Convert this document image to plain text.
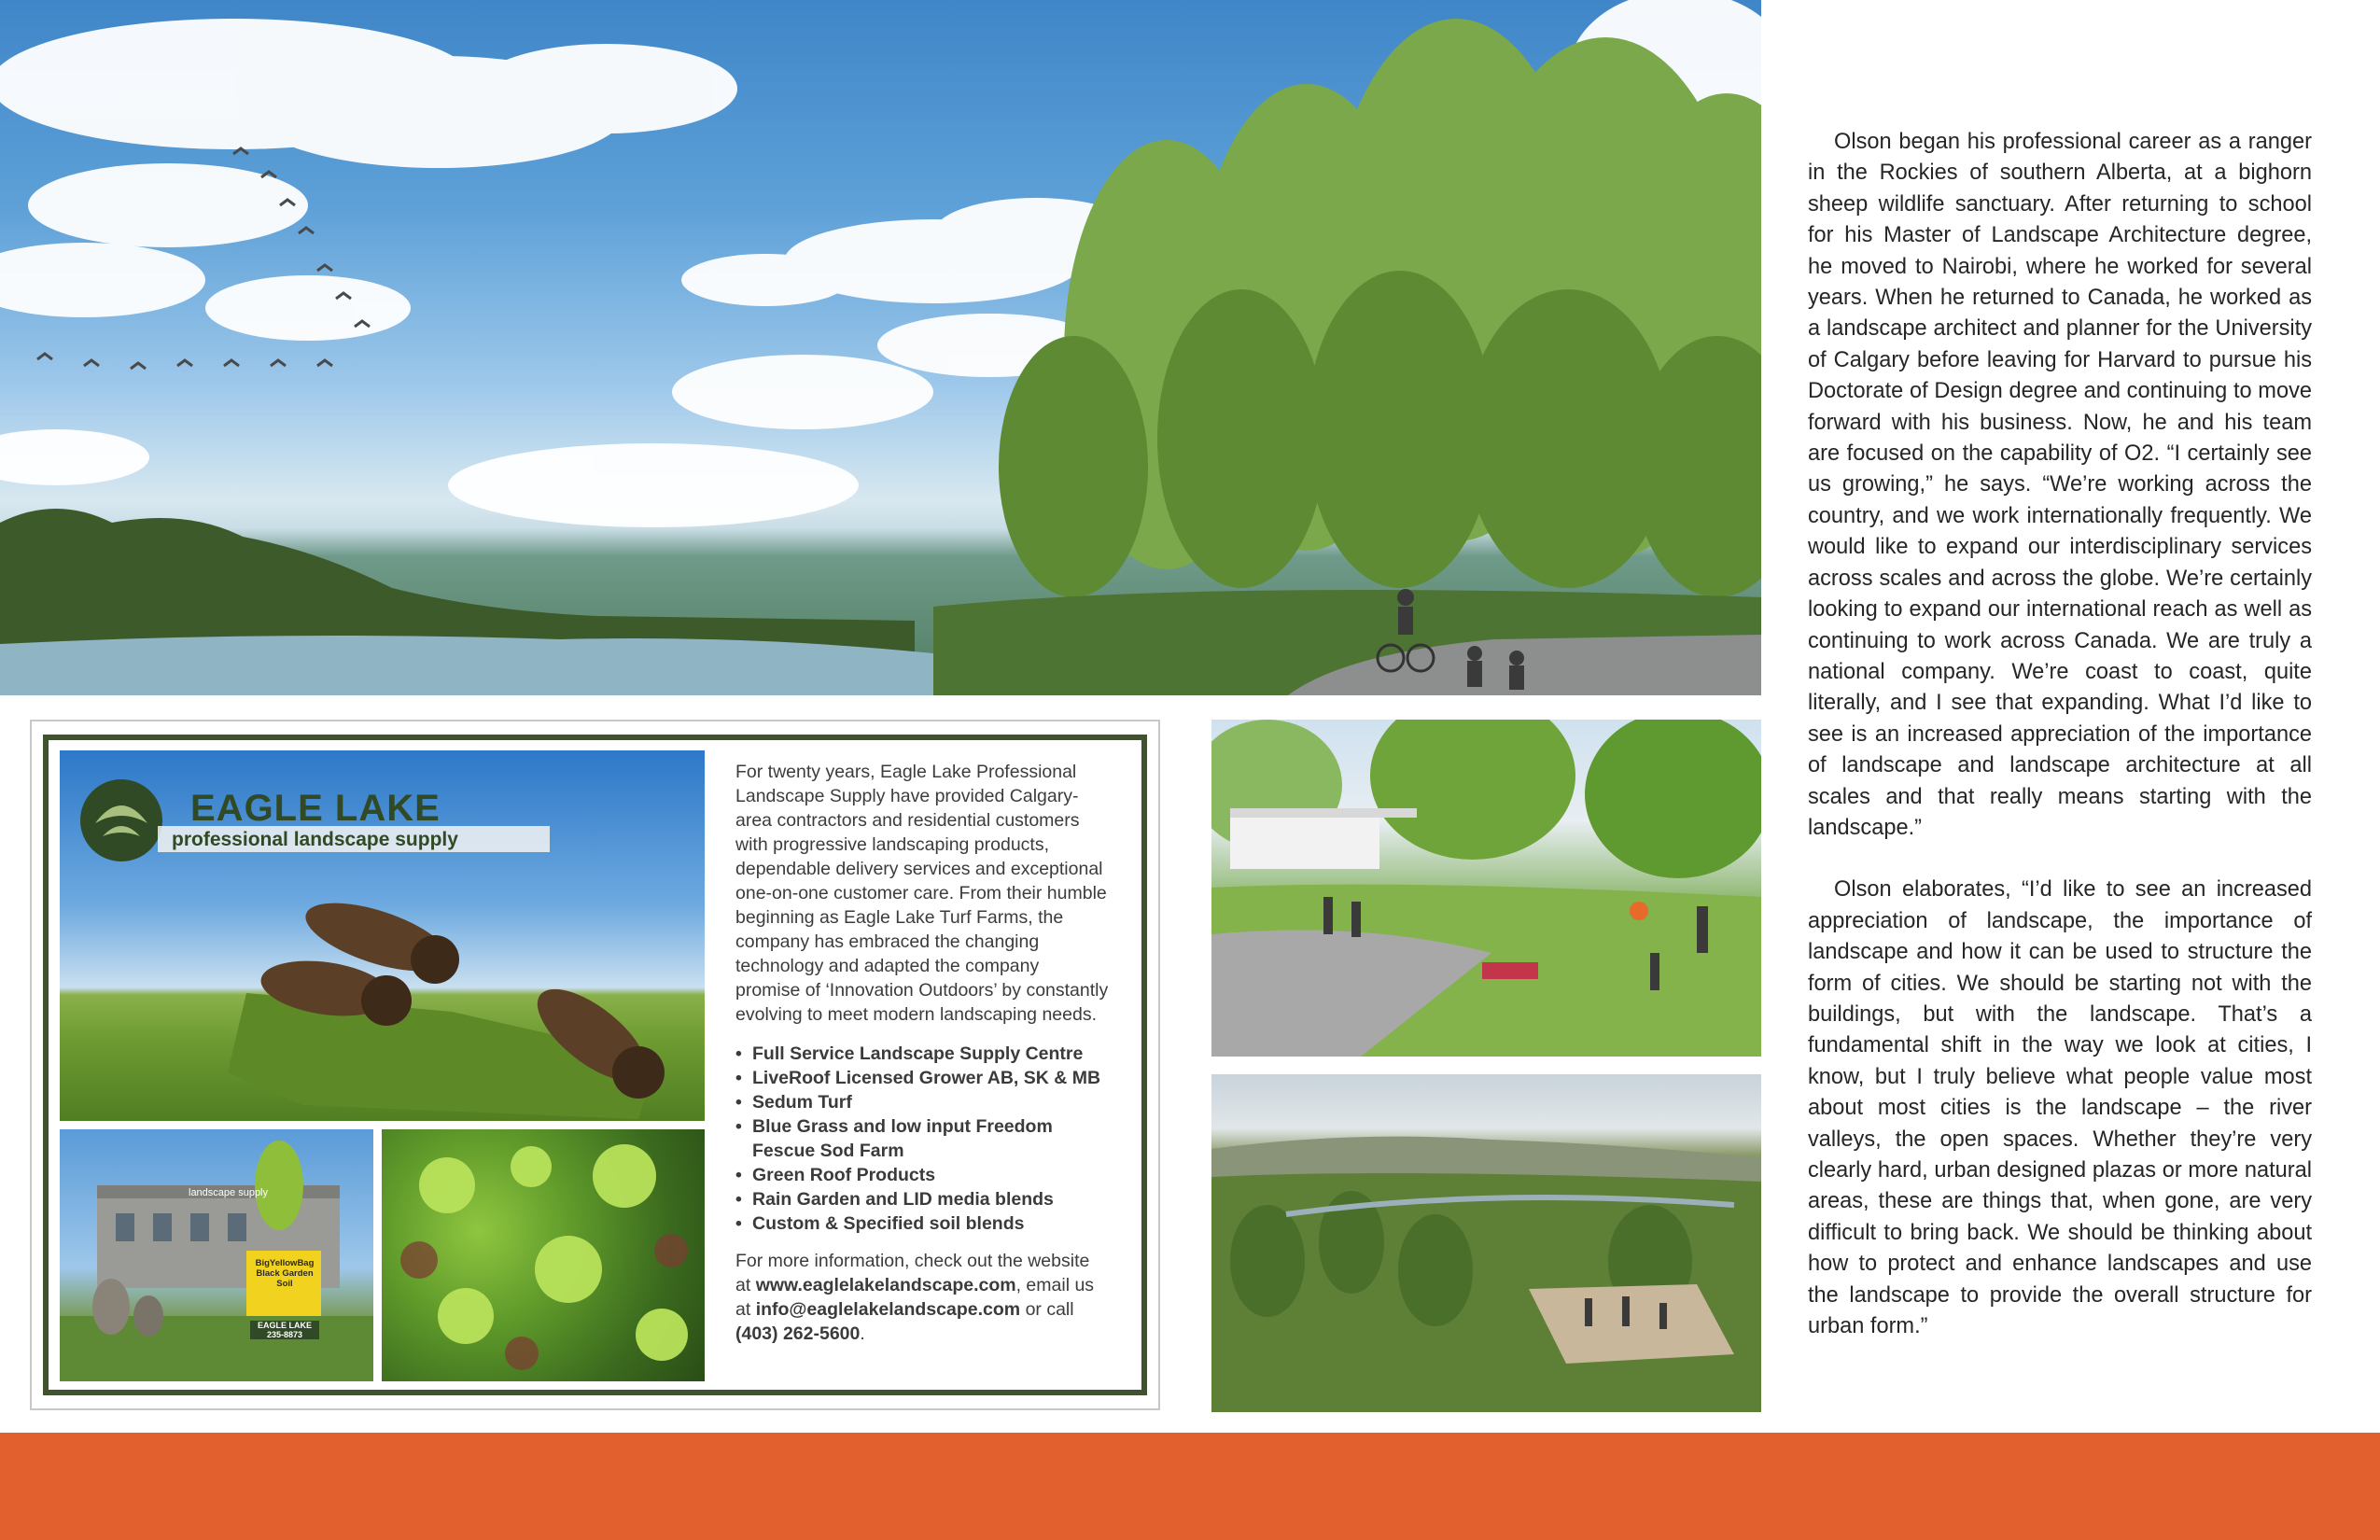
EAGLE LAKE
professional landscape supply
landscape supply
BigYellowBag
Black Garden Soil
EAGLE LAKE
235-8873

For twenty years, Eagle Lake Professional Landscape Supply have provided Calgary-area contractors and residential customers with progressive landscaping products, dependable delivery services and exceptional one-on-one customer care. From their humble beginning as Eagle Lake Turf Farms, the company has embraced the changing technology and adapted the company promise of ‘Innovation Outdoors’ by constantly evolving to meet modern landscaping needs.

• Full Service Landscape Supply Centre
• LiveRoof Licensed Grower AB, SK & MB
• Sedum Turf
• Blue Grass and low input Freedom Fescue Sod Farm
• Green Roof Products
• Rain Garden and LID media blends
• Custom & Specified soil blends

For more information, check out the website at www.eaglelakelandscape.com, email us at info@eaglelakelandscape.com or call (403) 262-5600.

Olson began his professional career as a ranger in the Rockies of southern Alberta, at a bighorn sheep wildlife sanctuary. After returning to school for his Master of Landscape Architecture degree, he moved to Nairobi, where he worked for several years. When he returned to Canada, he worked as a landscape architect and planner for the University of Calgary before leaving for Harvard to pursue his Doctorate of Design degree and continuing to move forward with his business. Now, he and his team are focused on the capability of O2. “I certainly see us growing,” he says. “We’re working across the country, and we work internationally frequently. We would like to expand our interdisciplinary services across scales and across the globe. We’re certainly looking to expand our international reach as well as continuing to work across Canada. We are truly a national company. We’re coast to coast, quite literally, and I see that expanding. What I’d like to see is an increased appreciation of the importance of landscape and landscape architecture at all scales and that really means starting with the landscape.”

Olson elaborates, “I’d like to see an increased appreciation of landscape, the importance of landscape and how it can be used to structure the form of cities. We should be starting not with the buildings, but with the landscape. That’s a fundamental shift in the way we look at cities, I know, but I truly believe what people value most about most cities is the landscape – the river valleys, the open spaces. Whether they’re very clearly hard, urban designed plazas or more natural areas, these are things that, when gone, are very difficult to bring back. We should be thinking about how to protect and enhance landscapes and use the landscape to provide the overall structure for urban form.”
